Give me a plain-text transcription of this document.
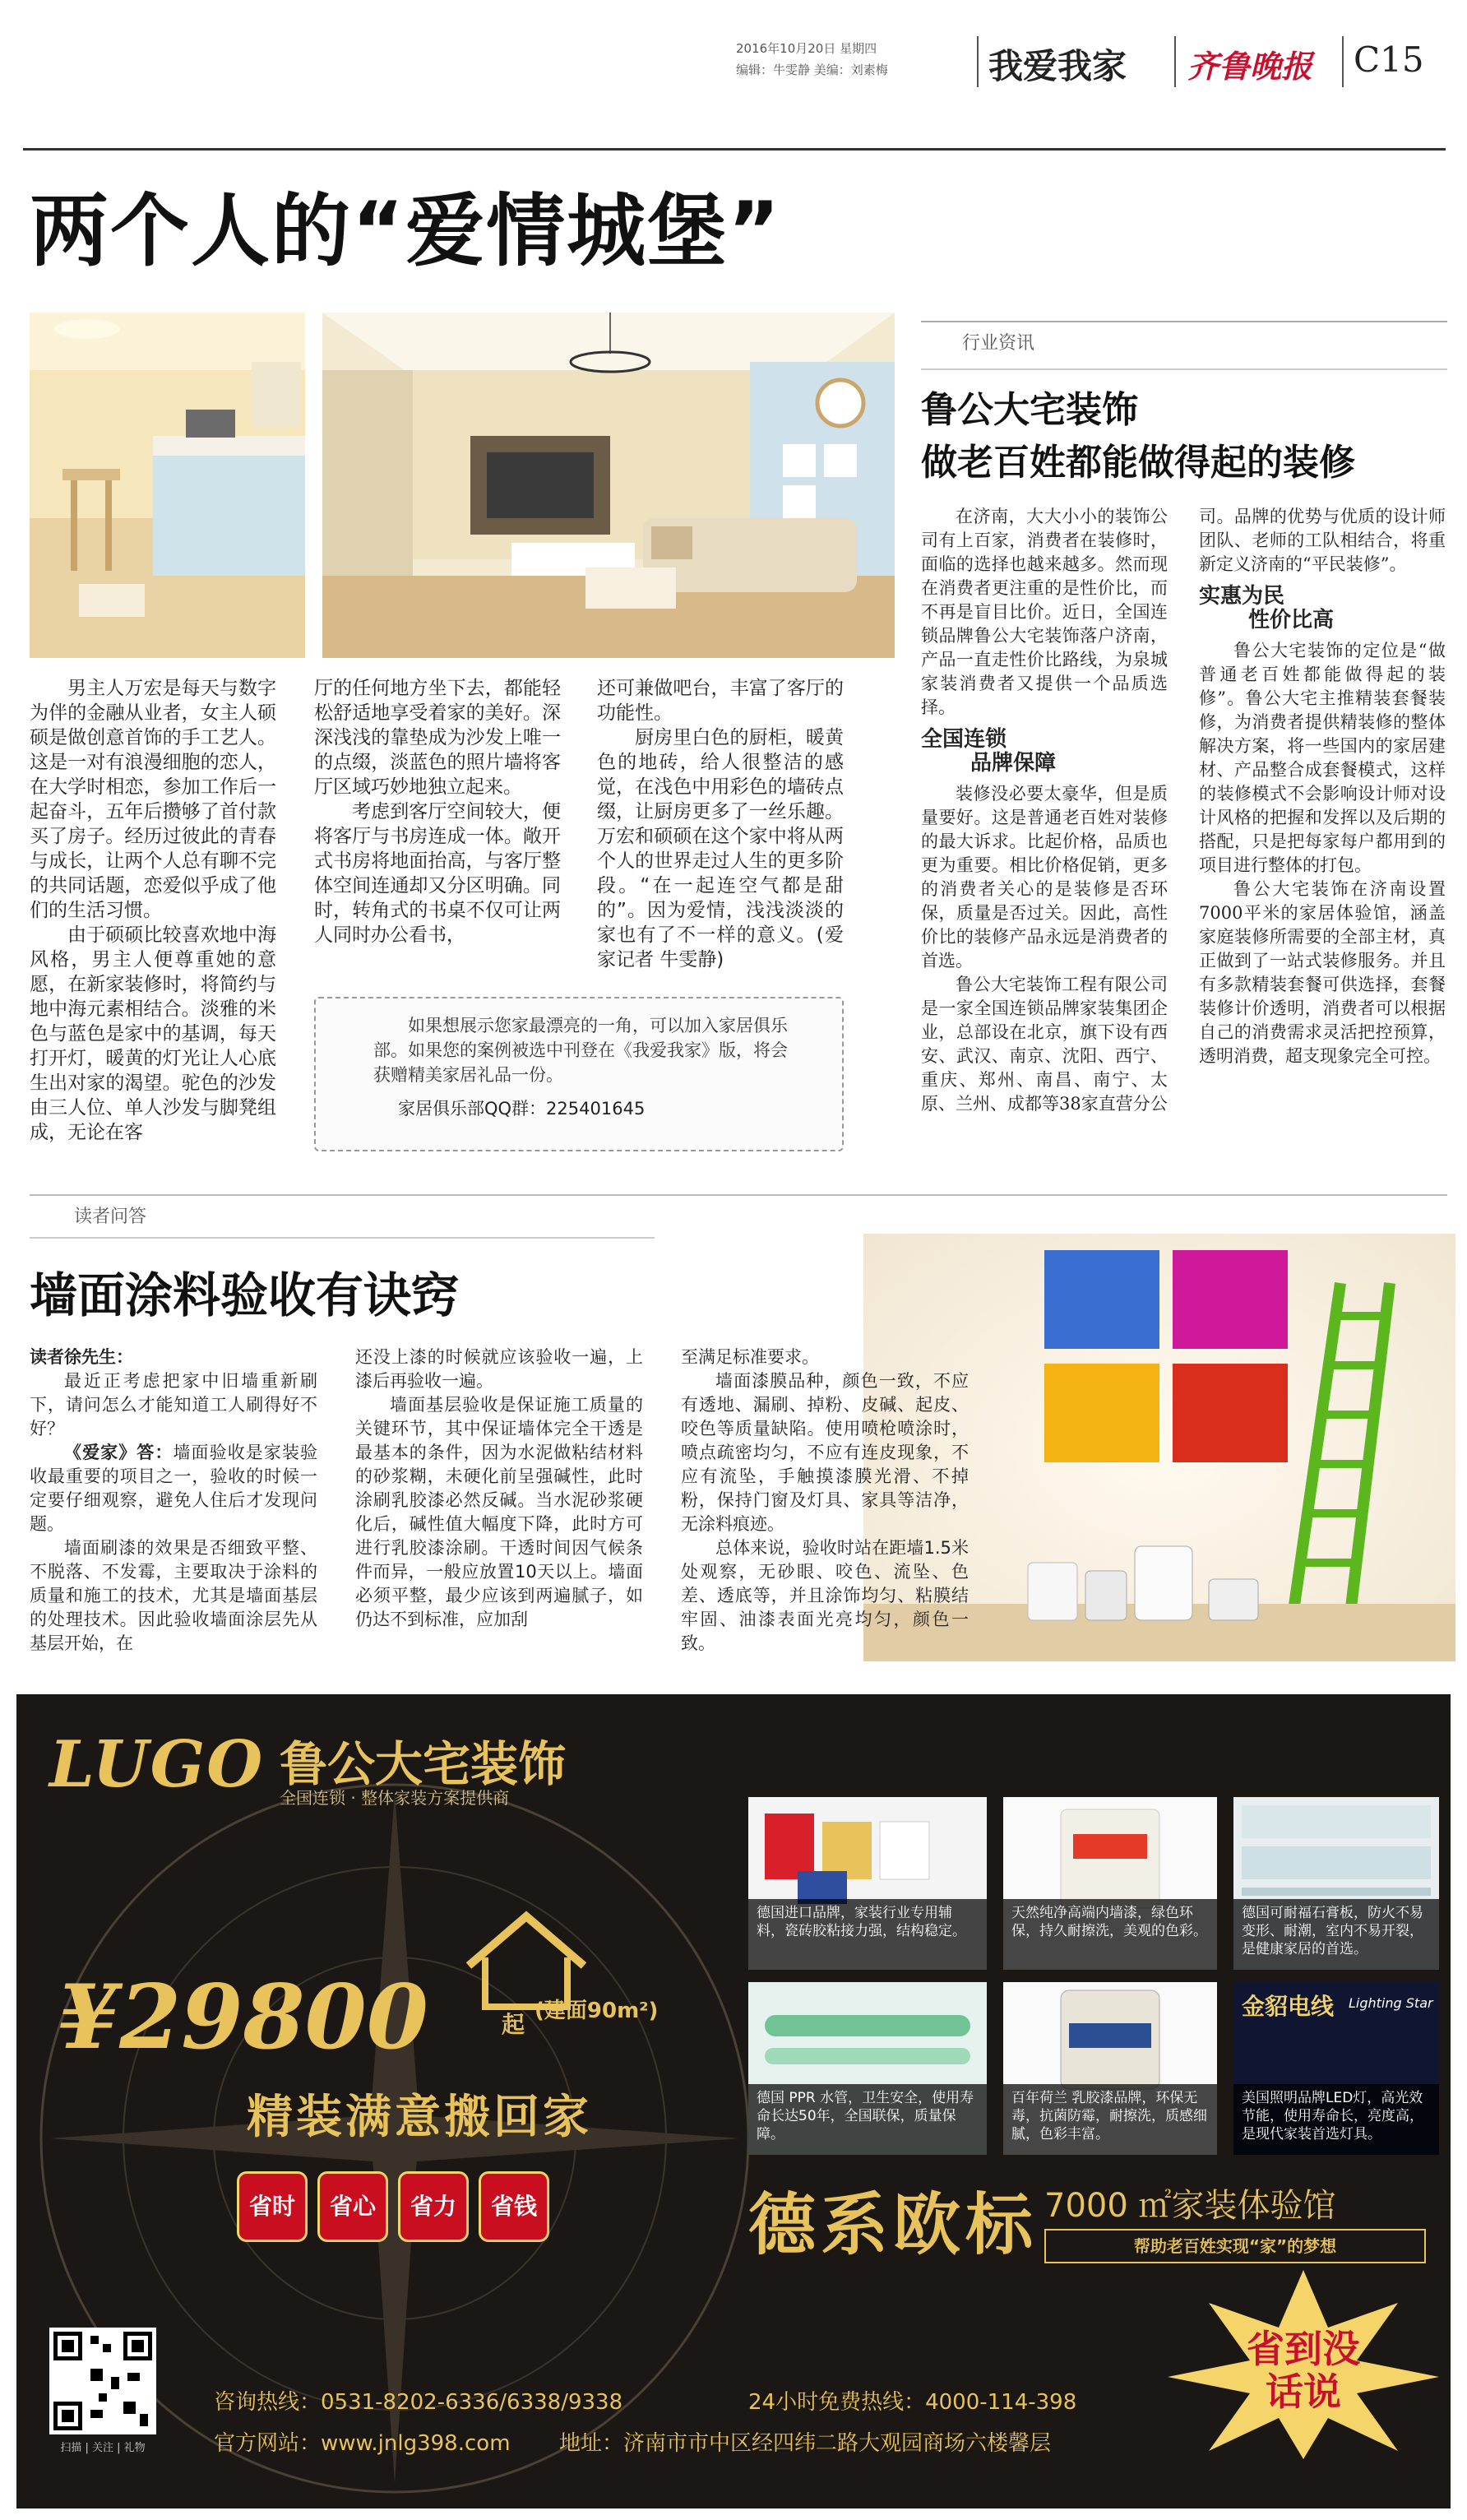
2016年10月20日 星期四
编辑：牛雯静 美编：刘素梅	我爱我家 齐鲁晚报 C15
两个人的“爱情城堡”

男主人万宏是每天与数字为伴的金融从业者，女主人硕硕是做创意首饰的手工艺人。这是一对有浪漫细胞的恋人，在大学时相恋，参加工作后一起奋斗，五年后攒够了首付款买了房子。经历过彼此的青春与成长，让两个人总有聊不完的共同话题，恋爱似乎成了他们的生活习惯。

由于硕硕比较喜欢地中海风格，男主人便尊重她的意愿，在新家装修时，将简约与地中海元素相结合。淡雅的米色与蓝色是家中的基调，每天打开灯，暖黄的灯光让人心底生出对家的渴望。驼色的沙发由三人位、单人沙发与脚凳组成，无论在客

厅的任何地方坐下去，都能轻松舒适地享受着家的美好。深深浅浅的靠垫成为沙发上唯一的点缀，淡蓝色的照片墙将客厅区域巧妙地独立起来。

考虑到客厅空间较大，便将客厅与书房连成一体。敞开式书房将地面抬高，与客厅整体空间连通却又分区明确。同时，转角式的书桌不仅可让两人同时办公看书，

还可兼做吧台，丰富了客厅的功能性。

厨房里白色的厨柜，暖黄色的地砖，给人很整洁的感觉，在浅色中用彩色的墙砖点缀，让厨房更多了一丝乐趣。万宏和硕硕在这个家中将从两个人的世界走过人生的更多阶段。“在一起连空气都是甜的”。因为爱情，浅浅淡淡的家也有了不一样的意义。(爱家记者 牛雯静)

如果想展示您家最漂亮的一角，可以加入家居俱乐部。如果您的案例被选中刊登在《我爱我家》版，将会获赠精美家居礼品一份。
家居俱乐部QQ群：225401645
行业资讯
鲁公大宅装饰
做老百姓都能做得起的装修
在济南，大大小小的装饰公司有上百家，消费者在装修时，面临的选择也越来越多。然而现在消费者更注重的是性价比，而不再是盲目比价。近日，全国连锁品牌鲁公大宅装饰落户济南，产品一直走性价比路线，为泉城家装消费者又提供一个品质选择。
全国连锁
品牌保障
装修没必要太豪华，但是质量要好。这是普通老百姓对装修的最大诉求。比起价格，品质也更为重要。相比价格促销，更多的消费者关心的是装修是否环保，质量是否过关。因此，高性价比的装修产品永远是消费者的首选。
鲁公大宅装饰工程有限公司是一家全国连锁品牌家装集团企业，总部设在北京，旗下设有西安、武汉、南京、沈阳、西宁、重庆、郑州、南昌、南宁、太原、兰州、成都等38家直营分公
司。品牌的优势与优质的设计师团队、老师的工队相结合，将重新定义济南的“平民装修”。
实惠为民
性价比高
鲁公大宅装饰的定位是“做普通老百姓都能做得起的装修”。鲁公大宅主推精装套餐装修，为消费者提供精装修的整体解决方案，将一些国内的家居建材、产品整合成套餐模式，这样的装修模式不会影响设计师对设计风格的把握和发挥以及后期的搭配，只是把每家每户都用到的项目进行整体的打包。
鲁公大宅装饰在济南设置7000平米的家居体验馆，涵盖家庭装修所需要的全部主材，真正做到了一站式装修服务。并且有多款精装套餐可供选择，套餐装修计价透明，消费者可以根据自己的消费需求灵活把控预算，透明消费，超支现象完全可控。
读者问答
墙面涂料验收有诀窍
读者徐先生：

最近正考虑把家中旧墙重新刷下，请问怎么才能知道工人刷得好不好？

《爱家》答：墙面验收是家装验收最重要的项目之一，验收的时候一定要仔细观察，避免人住后才发现问题。

墙面刷漆的效果是否细致平整、不脱落、不发霉，主要取决于涂料的质量和施工的技术，尤其是墙面基层的处理技术。因此验收墙面涂层先从基层开始，在

还没上漆的时候就应该验收一遍，上漆后再验收一遍。

墙面基层验收是保证施工质量的关键环节，其中保证墙体完全干透是最基本的条件，因为水泥做粘结材料的砂浆糊，未硬化前呈强碱性，此时涂刷乳胶漆必然反碱。当水泥砂浆硬化后，碱性值大幅度下降，此时方可进行乳胶漆涂刷。干透时间因气候条件而异，一般应放置10天以上。墙面必须平整，最少应该到两遍腻子，如仍达不到标准，应加刮

至满足标准要求。

墙面漆膜品种，颜色一致，不应有透地、漏刷、掉粉、皮碱、起皮、咬色等质量缺陷。使用喷枪喷涂时，喷点疏密均匀，不应有连皮现象，不应有流坠，手触摸漆膜光滑、不掉粉，保持门窗及灯具、家具等洁净，无涂料痕迹。

总体来说，验收时站在距墙1.5米处观察，无砂眼、咬色、流坠、色差、透底等，并且涂饰均匀、粘膜结牢固、油漆表面光亮均匀，颜色一致。

LUGO 鲁公大宅装饰
全国连锁 · 整体家装方案提供商
¥29800	起 (建面90m²)
精装满意搬回家
省时	省心	省力	省钱
德国进口品牌，家装行业专用辅料，瓷砖胶粘接力强，结构稳定。
天然纯净高端内墙漆，绿色环保，持久耐擦洗，美观的色彩。
德国可耐福石膏板，防火不易变形、耐潮，室内不易开裂，是健康家居的首选。
德国 PPR 水管，卫生安全，使用寿命长达50年，全国联保，质量保障。
百年荷兰 乳胶漆品牌，环保无毒，抗菌防霉，耐擦洗，质感细腻，色彩丰富。
金貂电线 Lighting Star
美国照明品牌LED灯，高光效节能，使用寿命长，亮度高，是现代家装首选灯具。
德系欧标 7000 ㎡家装体验馆
帮助老百姓实现“家”的梦想
省到没话说
扫描 | 关注 | 礼物
咨询热线：0531-8202-6336/6338/9338	24小时免费热线：4000-114-398
官方网站：www.jnlg398.com 地址：济南市市中区经四纬二路大观园商场六楼馨层
